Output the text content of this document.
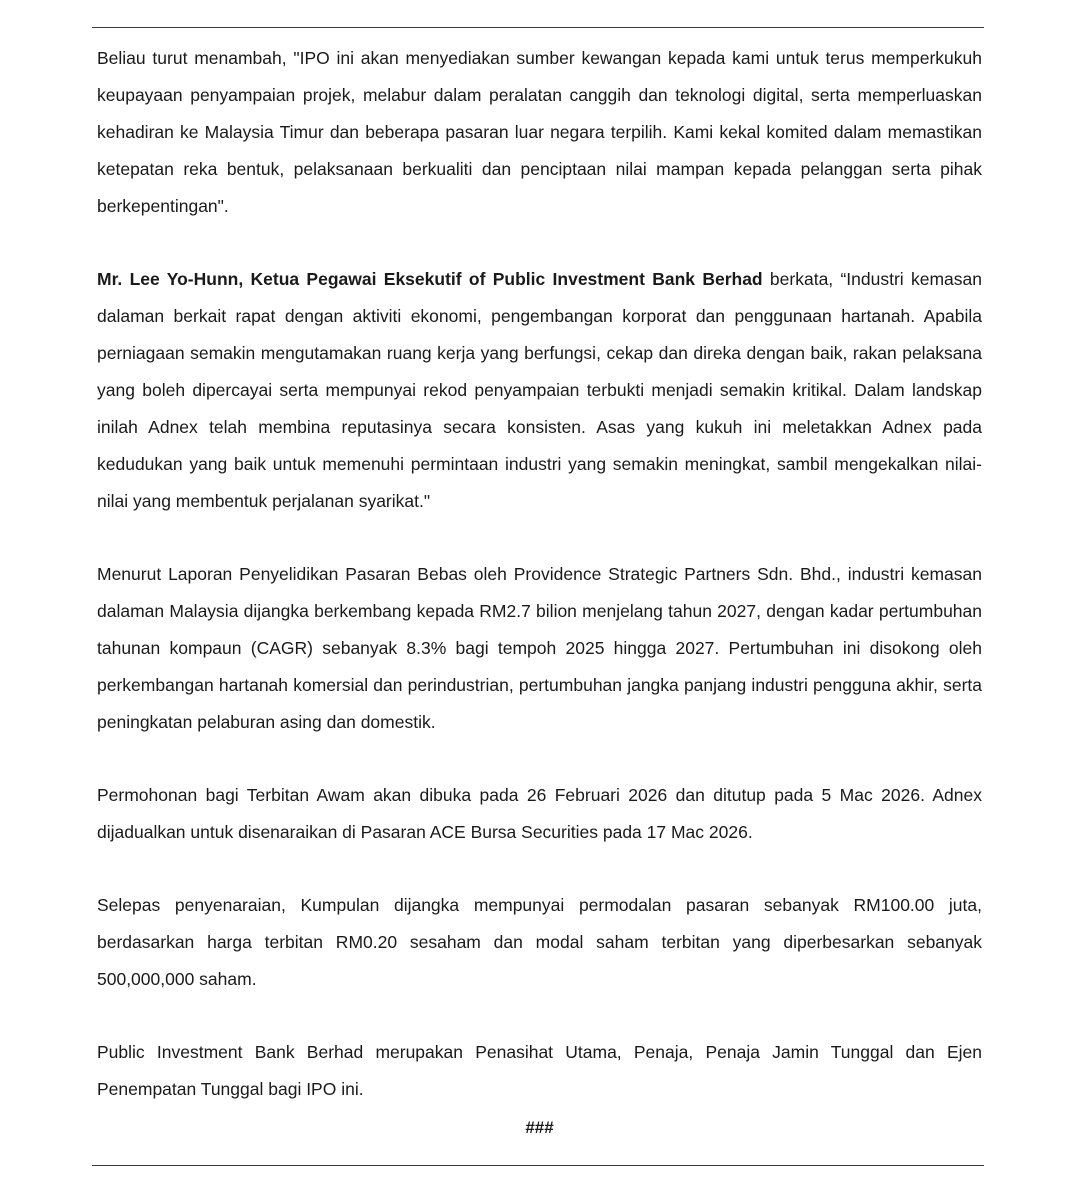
Beliau turut menambah, "IPO ini akan menyediakan sumber kewangan kepada kami untuk terus memperkukuh keupayaan penyampaian projek, melabur dalam peralatan canggih dan teknologi digital, serta memperluaskan kehadiran ke Malaysia Timur dan beberapa pasaran luar negara terpilih. Kami kekal komited dalam memastikan ketepatan reka bentuk, pelaksanaan berkualiti dan penciptaan nilai mampan kepada pelanggan serta pihak berkepentingan".

Mr. Lee Yo-Hunn, Ketua Pegawai Eksekutif of Public Investment Bank Berhad berkata, “Industri kemasan dalaman berkait rapat dengan aktiviti ekonomi, pengembangan korporat dan penggunaan hartanah. Apabila perniagaan semakin mengutamakan ruang kerja yang berfungsi, cekap dan direka dengan baik, rakan pelaksana yang boleh dipercayai serta mempunyai rekod penyampaian terbukti menjadi semakin kritikal. Dalam landskap inilah Adnex telah membina reputasinya secara konsisten. Asas yang kukuh ini meletakkan Adnex pada kedudukan yang baik untuk memenuhi permintaan industri yang semakin meningkat, sambil mengekalkan nilai-nilai yang membentuk perjalanan syarikat."

Menurut Laporan Penyelidikan Pasaran Bebas oleh Providence Strategic Partners Sdn. Bhd., industri kemasan dalaman Malaysia dijangka berkembang kepada RM2.7 bilion menjelang tahun 2027, dengan kadar pertumbuhan tahunan kompaun (CAGR) sebanyak 8.3% bagi tempoh 2025 hingga 2027. Pertumbuhan ini disokong oleh perkembangan hartanah komersial dan perindustrian, pertumbuhan jangka panjang industri pengguna akhir, serta peningkatan pelaburan asing dan domestik.

Permohonan bagi Terbitan Awam akan dibuka pada 26 Februari 2026 dan ditutup pada 5 Mac 2026. Adnex dijadualkan untuk disenaraikan di Pasaran ACE Bursa Securities pada 17 Mac 2026.

Selepas penyenaraian, Kumpulan dijangka mempunyai permodalan pasaran sebanyak RM100.00 juta, berdasarkan harga terbitan RM0.20 sesaham dan modal saham terbitan yang diperbesarkan sebanyak 500,000,000 saham.

Public Investment Bank Berhad merupakan Penasihat Utama, Penaja, Penaja Jamin Tunggal dan Ejen Penempatan Tunggal bagi IPO ini.

###
